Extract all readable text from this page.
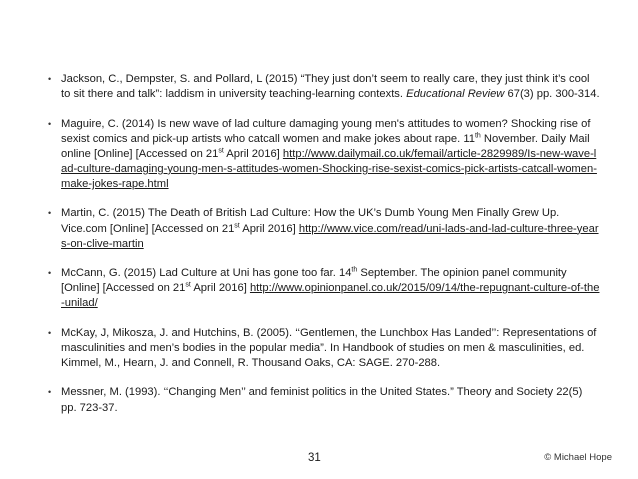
• Jackson, C., Dempster, S. and Pollard, L (2015) “They just don’t seem to really care, they just think it’s cool to sit there and talk”: laddism in university teaching-learning contexts. Educational Review 67(3) pp. 300-314.
• Maguire, C. (2014) Is new wave of lad culture damaging young men's attitudes to women? Shocking rise of sexist comics and pick-up artists who catcall women and make jokes about rape. 11th November. Daily Mail online [Online] [Accessed on 21st April 2016] http://www.dailymail.co.uk/femail/article-2829989/Is-new-wave-lad-culture-damaging-young-men-s-attitudes-women-Shocking-rise-sexist-comics-pick-artists-catcall-women-make-jokes-rape.html
• Martin, C. (2015) The Death of British Lad Culture: How the UK’s Dumb Young Men Finally Grew Up. Vice.com [Online] [Accessed on 21st April 2016] http://www.vice.com/read/uni-lads-and-lad-culture-three-years-on-clive-martin
• McCann, G. (2015) Lad Culture at Uni has gone too far. 14th September. The opinion panel community [Online] [Accessed on 21st April 2016] http://www.opinionpanel.co.uk/2015/09/14/the-repugnant-culture-of-the-unilad/
• McKay, J, Mikosza, J. and Hutchins, B. (2005). ‘‘Gentlemen, the Lunchbox Has Landed’’: Representations of masculinities and men’s bodies in the popular media”. In Handbook of studies on men & masculinities, ed. Kimmel, M., Hearn, J. and Connell, R. Thousand Oaks, CA: SAGE. 270-288.
• Messner, M. (1993). ‘‘Changing Men’’ and feminist politics in the United States.” Theory and Society 22(5) pp. 723-37.
31	© Michael Hope
